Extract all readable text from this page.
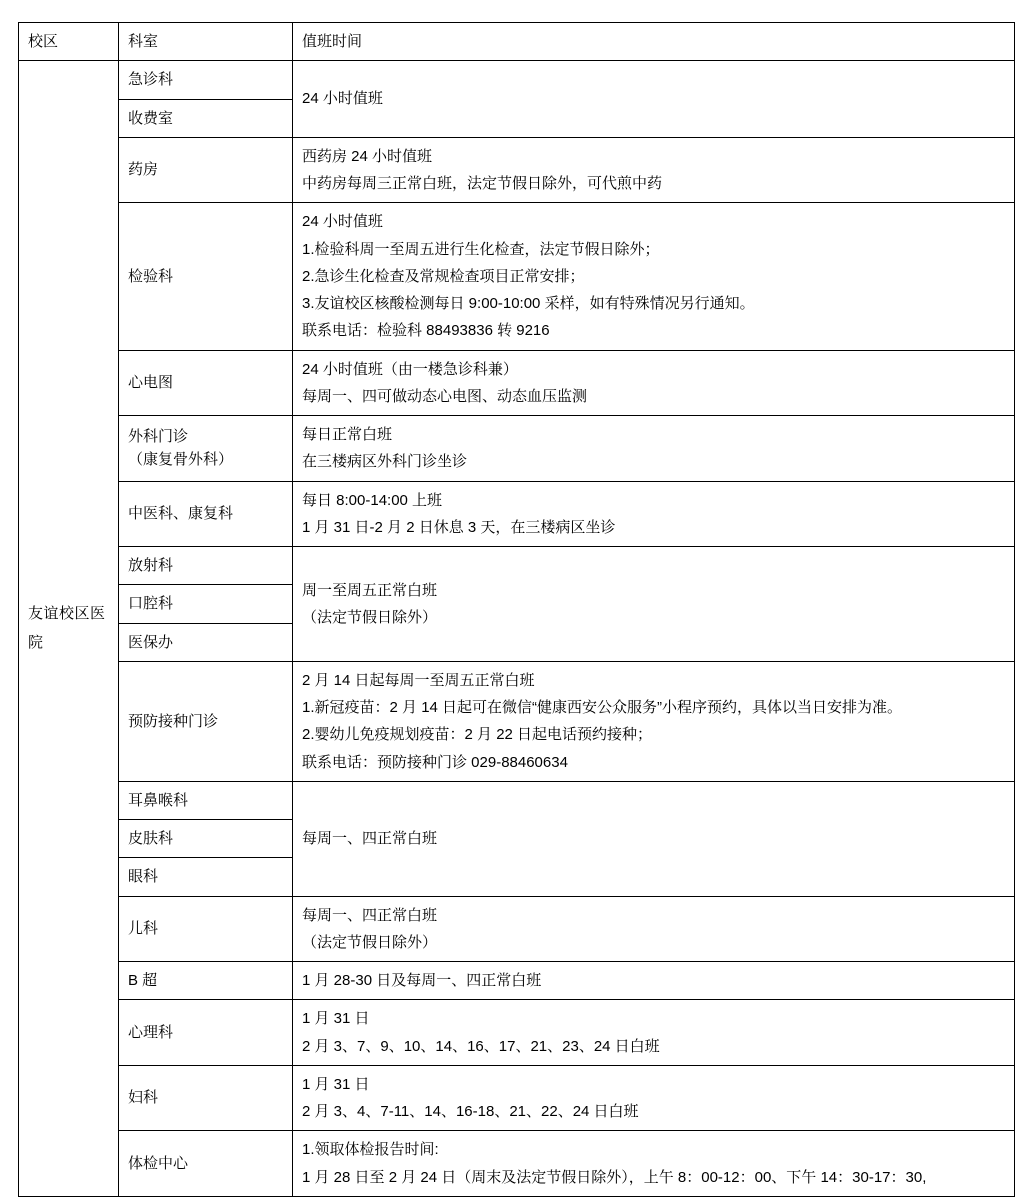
校区	科室	值班时间

友谊校区医院	急诊科	24 小时值班

	收费室	
	药房	西药房 24 小时值班
中药房每周三正常白班，法定节假日除外，可代煎中药

	检验科	24 小时值班
1.检验科周一至周五进行生化检查，法定节假日除外；
2.急诊生化检查及常规检查项目正常安排；
3.友谊校区核酸检测每日 9:00-10:00 采样，如有特殊情况另行通知。
联系电话：检验科 88493836 转 9216

	心电图	24 小时值班（由一楼急诊科兼）
每周一、四可做动态心电图、动态血压监测

	外科门诊
（康复骨外科）	每日正常白班
在三楼病区外科门诊坐诊

	中医科、康复科	每日 8:00-14:00 上班
1 月 31 日-2 月 2 日休息 3 天，在三楼病区坐诊

	放射科	周一至周五正常白班
（法定节假日除外）

	口腔科	
	医保办	
	预防接种门诊	2 月 14 日起每周一至周五正常白班
1.新冠疫苗：2 月 14 日起可在微信“健康西安公众服务”小程序预约，具体以当日安排为准。
2.婴幼儿免疫规划疫苗：2 月 22 日起电话预约接种；
联系电话：预防接种门诊 029-88460634

	耳鼻喉科	每周一、四正常白班

	皮肤科	
	眼科	
	儿科	每周一、四正常白班
（法定节假日除外）

	B 超	1 月 28-30 日及每周一、四正常白班

	心理科	1 月 31 日
2 月 3、7、9、10、14、16、17、21、23、24 日白班

	妇科	1 月 31 日
2 月 3、4、7-11、14、16-18、21、22、24 日白班

	体检中心	1.领取体检报告时间:
1 月 28 日至 2 月 24 日（周末及法定节假日除外），上午 8：00-12：00、下午 14：30-17：30,
